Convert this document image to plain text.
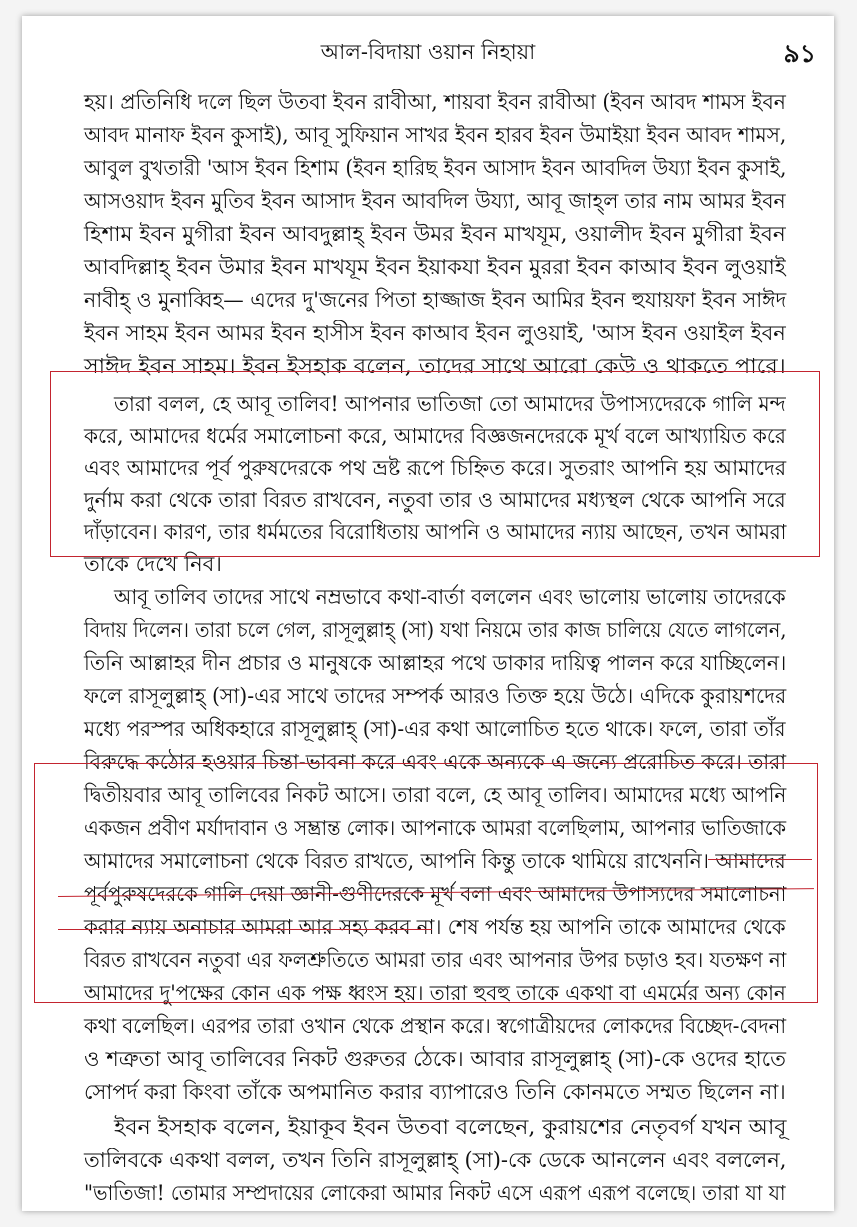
আল-বিদায়া ওয়ান নিহায়া	৯১
হয়। প্রতিনিধি দলে ছিল উতবা ইবন রাবীআ, শায়বা ইবন রাবীআ (ইবন আবদ শামস ইবন
আবদ মানাফ ইবন কুসাই), আবূ সুফিয়ান সাখর ইবন হারব ইবন উমাইয়া ইবন আবদ শামস,
আবুল বুখতারী 'আস ইবন হিশাম (ইবন হারিছ ইবন আসাদ ইবন আবদিল উয্যা ইবন কুসাই,
আসওয়াদ ইবন মুতিব ইবন আসাদ ইবন আবদিল উয্যা, আবূ জাহ্‌ল তার নাম আমর ইবন
হিশাম ইবন মুগীরা ইবন আবদুল্লাহ্‌ ইবন উমর ইবন মাখযূম, ওয়ালীদ ইবন মুগীরা ইবন
আবদিল্লাহ্‌ ইবন উমার ইবন মাখযূম ইবন ইয়াকযা ইবন মুররা ইবন কাআব ইবন লুওয়াই
নাবীহ্‌ ও মুনাব্বিহ— এদের দু'জনের পিতা হাজ্জাজ ইবন আমির ইবন হুযায়ফা ইবন সাঈদ
ইবন সাহম ইবন আমর ইবন হাসীস ইবন কাআব ইবন লুওয়াই, 'আস ইবন ওয়াইল ইবন
সাঈদ ইবন সাহম। ইবন ইসহাক বলেন, তাদের সাথে আরো কেউ ও থাকতে পারে।
তারা বলল, হে আবূ তালিব! আপনার ভাতিজা তো আমাদের উপাস্যদেরকে গালি মন্দ
করে, আমাদের ধর্মের সমালোচনা করে, আমাদের বিজ্ঞজনদেরকে মূর্খ বলে আখ্যায়িত করে
এবং আমাদের পূর্ব পুরুষদেরকে পথ ভ্রষ্ট রূপে চিহ্নিত করে। সুতরাং আপনি হয় আমাদের
দুর্নাম করা থেকে তারা বিরত রাখবেন, নতুবা তার ও আমাদের মধ্যস্থল থেকে আপনি সরে
দাঁড়াবেন। কারণ, তার ধর্মমতের বিরোধিতায় আপনি ও আমাদের ন্যায় আছেন, তখন আমরা
তাকে দেখে নিব।
আবূ তালিব তাদের সাথে নম্রভাবে কথা-বার্তা বললেন এবং ভালোয় ভালোয় তাদেরকে
বিদায় দিলেন। তারা চলে গেল, রাসূলুল্লাহ্‌ (সা) যথা নিয়মে তার কাজ চালিয়ে যেতে লাগলেন,
তিনি আল্লাহর দীন প্রচার ও মানুষকে আল্লাহর পথে ডাকার দায়িত্ব পালন করে যাচ্ছিলেন।
ফলে রাসূলুল্লাহ্‌ (সা)-এর সাথে তাদের সম্পর্ক আরও তিক্ত হয়ে উঠে। এদিকে কুরায়শদের
মধ্যে পরস্পর অধিকহারে রাসূলুল্লাহ্‌ (সা)-এর কথা আলোচিত হতে থাকে। ফলে, তারা তাঁর
বিরুদ্ধে কঠোর হওয়ার চিন্তা-ভাবনা করে এবং একে অন্যকে এ জন্যে প্ররোচিত করে। তারা
দ্বিতীয়বার আবূ তালিবের নিকট আসে। তারা বলে, হে আবূ তালিব। আমাদের মধ্যে আপনি
একজন প্রবীণ মর্যাদাবান ও সম্ভ্রান্ত লোক। আপনাকে আমরা বলেছিলাম, আপনার ভাতিজাকে
আমাদের সমালোচনা থেকে বিরত রাখতে, আপনি কিন্তু তাকে থামিয়ে রাখেননি। আমাদের
পূর্বপুরুষদেরকে গালি দেয়া জ্ঞানী-গুণীদেরকে মূর্খ বলা এবং আমাদের উপাস্যদের সমালোচনা
করার ন্যায় অনাচার আমরা আর সহ্য করব না। শেষ পর্যন্ত হয় আপনি তাকে আমাদের থেকে
বিরত রাখবেন নতুবা এর ফলশ্রুতিতে আমরা তার এবং আপনার উপর চড়াও হব। যতক্ষণ না
আমাদের দু'পক্ষের কোন এক পক্ষ ধ্বংস হয়। তারা হুবহু তাকে একথা বা এমর্মের অন্য কোন
কথা বলেছিল। এরপর তারা ওখান থেকে প্রস্থান করে। স্বগোত্রীয়দের লোকদের বিচ্ছেদ-বেদনা
ও শত্রুতা আবূ তালিবের নিকট গুরুতর ঠেকে। আবার রাসূলুল্লাহ্‌ (সা)-কে ওদের হাতে
সোপর্দ করা কিংবা তাঁকে অপমানিত করার ব্যাপারেও তিনি কোনমতে সম্মত ছিলেন না।
ইবন ইসহাক বলেন, ইয়াকূব ইবন উতবা বলেছেন, কুরায়শের নেতৃবর্গ যখন আবূ
তালিবকে একথা বলল, তখন তিনি রাসূলুল্লাহ্‌ (সা)-কে ডেকে আনলেন এবং বললেন,
"ভাতিজা! তোমার সম্প্রদায়ের লোকেরা আমার নিকট এসে এরূপ এরূপ বলেছে। তারা যা যা
